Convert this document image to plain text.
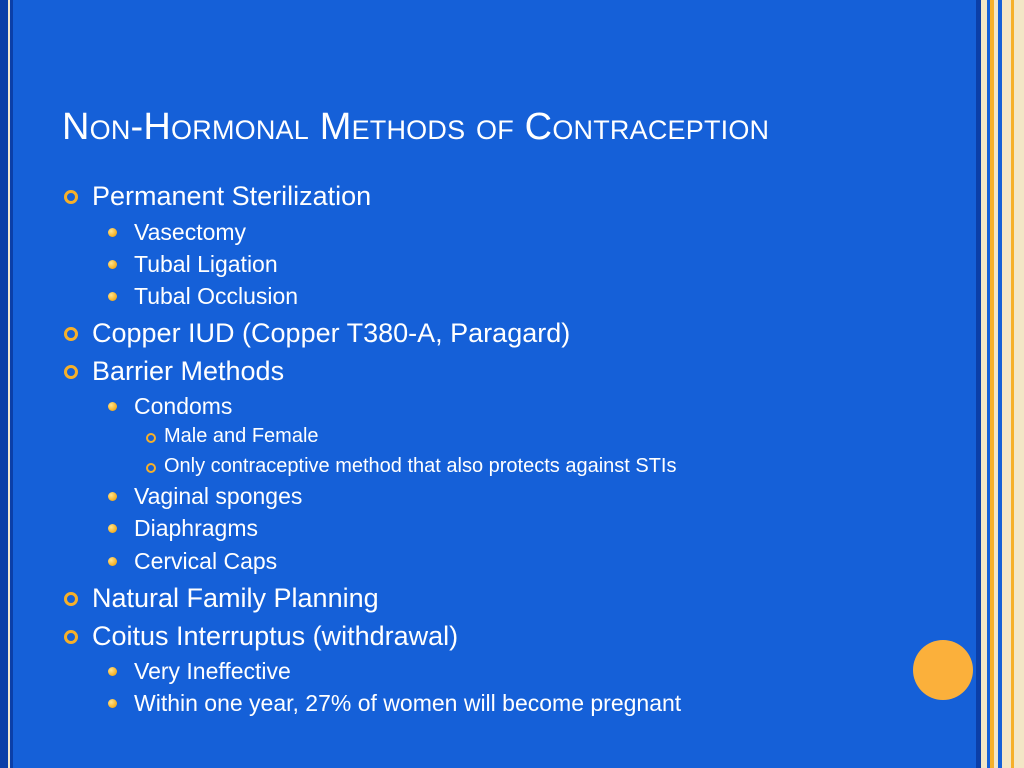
Non-Hormonal Methods of Contraception
Permanent Sterilization
Vasectomy
Tubal Ligation
Tubal Occlusion
Copper IUD (Copper T380-A, Paragard)
Barrier Methods
Condoms
Male and Female
Only contraceptive method that also protects against STIs
Vaginal sponges
Diaphragms
Cervical Caps
Natural Family Planning
Coitus Interruptus (withdrawal)
Very Ineffective
Within one year, 27% of women will become pregnant
